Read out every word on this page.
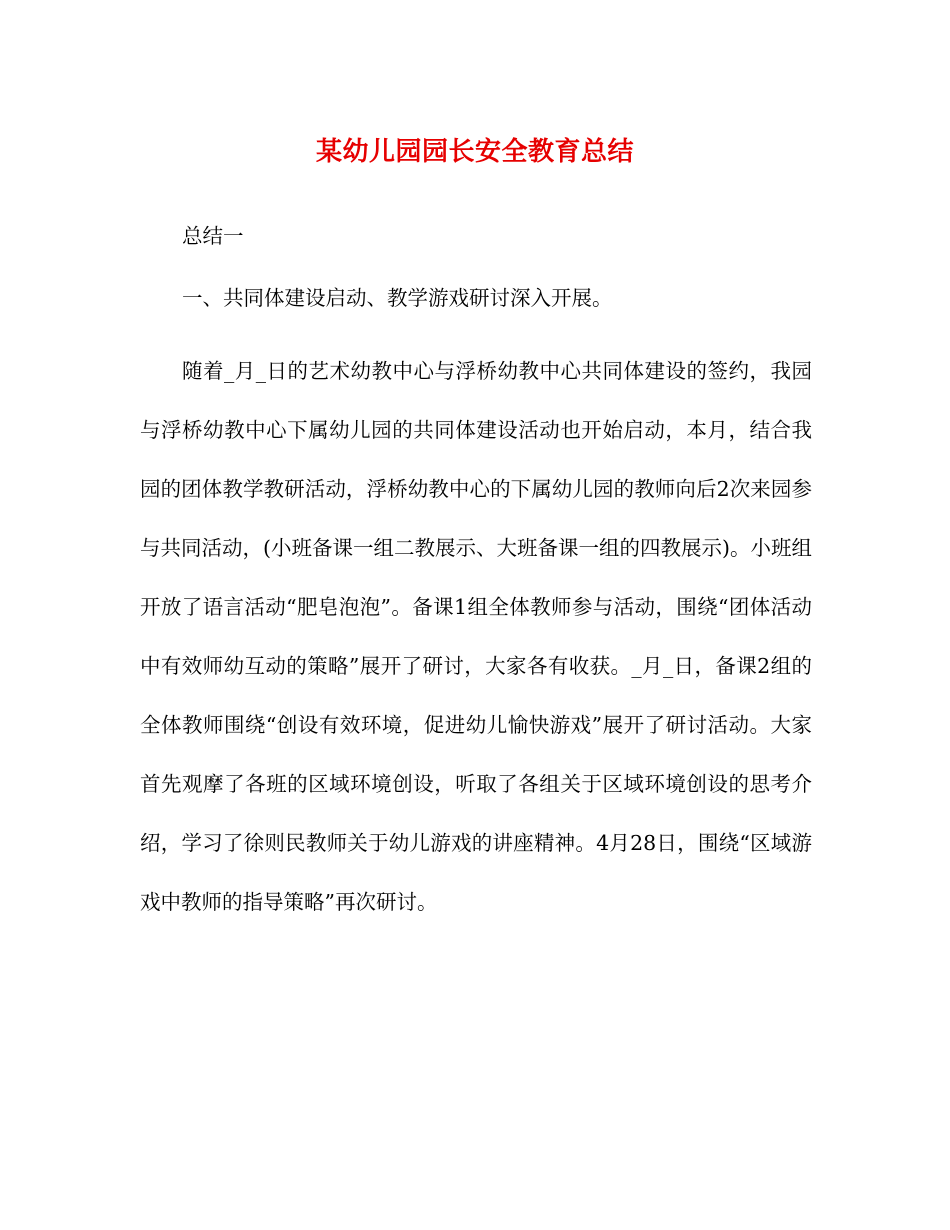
某幼儿园园长安全教育总结
总结一
一、共同体建设启动、教学游戏研讨深入开展。

随着_月_日的艺术幼教中心与浮桥幼教中心共同体建设的签约，我园与浮桥幼教中心下属幼儿园的共同体建设活动也开始启动，本月，结合我园的团体教学教研活动，浮桥幼教中心的下属幼儿园的教师向后2次来园参与共同活动，(小班备课一组二教展示、大班备课一组的四教展示)。小班组开放了语言活动“肥皂泡泡”。备课1组全体教师参与活动，围绕“团体活动中有效师幼互动的策略”展开了研讨，大家各有收获。_月_日，备课2组的全体教师围绕“创设有效环境，促进幼儿愉快游戏”展开了研讨活动。大家首先观摩了各班的区域环境创设，听取了各组关于区域环境创设的思考介绍，学习了徐则民教师关于幼儿游戏的讲座精神。4月28日，围绕“区域游戏中教师的指导策略”再次研讨。
